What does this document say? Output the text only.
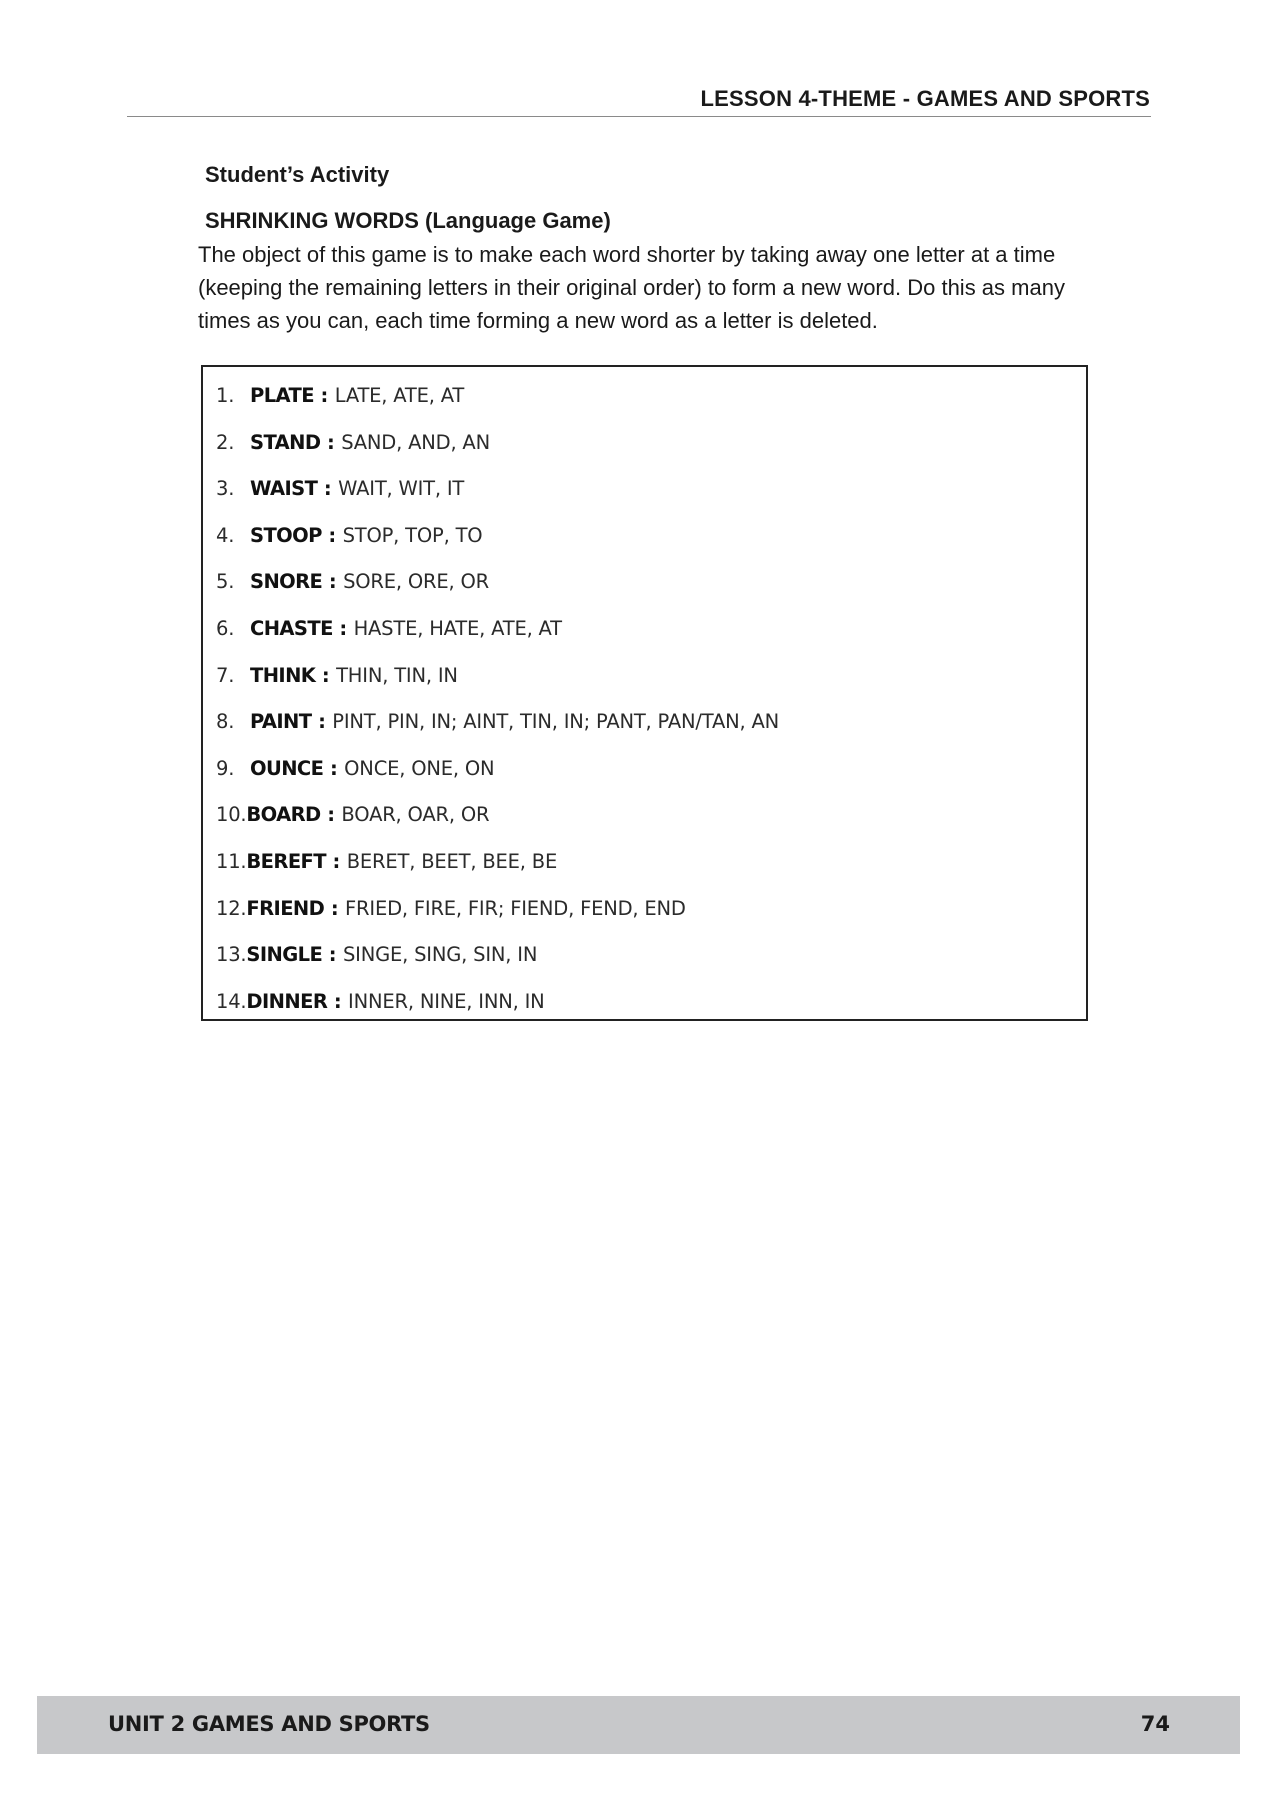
LESSON 4-THEME - GAMES AND SPORTS
Student’s Activity
SHRINKING WORDS (Language Game)

The object of this game is to make each word shorter by taking away one letter at a time (keeping the remaining letters in their original order) to form a new word. Do this as many times as you can, each time forming a new word as a letter is deleted.

1. PLATE : LATE, ATE, AT
2. STAND : SAND, AND, AN
3. WAIST : WAIT, WIT, IT
4. STOOP : STOP, TOP, TO
5. SNORE : SORE, ORE, OR
6. CHASTE : HASTE, HATE, ATE, AT
7. THINK : THIN, TIN, IN
8. PAINT : PINT, PIN, IN; AINT, TIN, IN; PANT, PAN/TAN, AN
9. OUNCE : ONCE, ONE, ON
10.BOARD : BOAR, OAR, OR
11.BEREFT : BERET, BEET, BEE, BE
12.FRIEND : FRIED, FIRE, FIR; FIEND, FEND, END
13.SINGLE : SINGE, SING, SIN, IN
14.DINNER : INNER, NINE, INN, IN
UNIT 2 GAMES AND SPORTS	74
